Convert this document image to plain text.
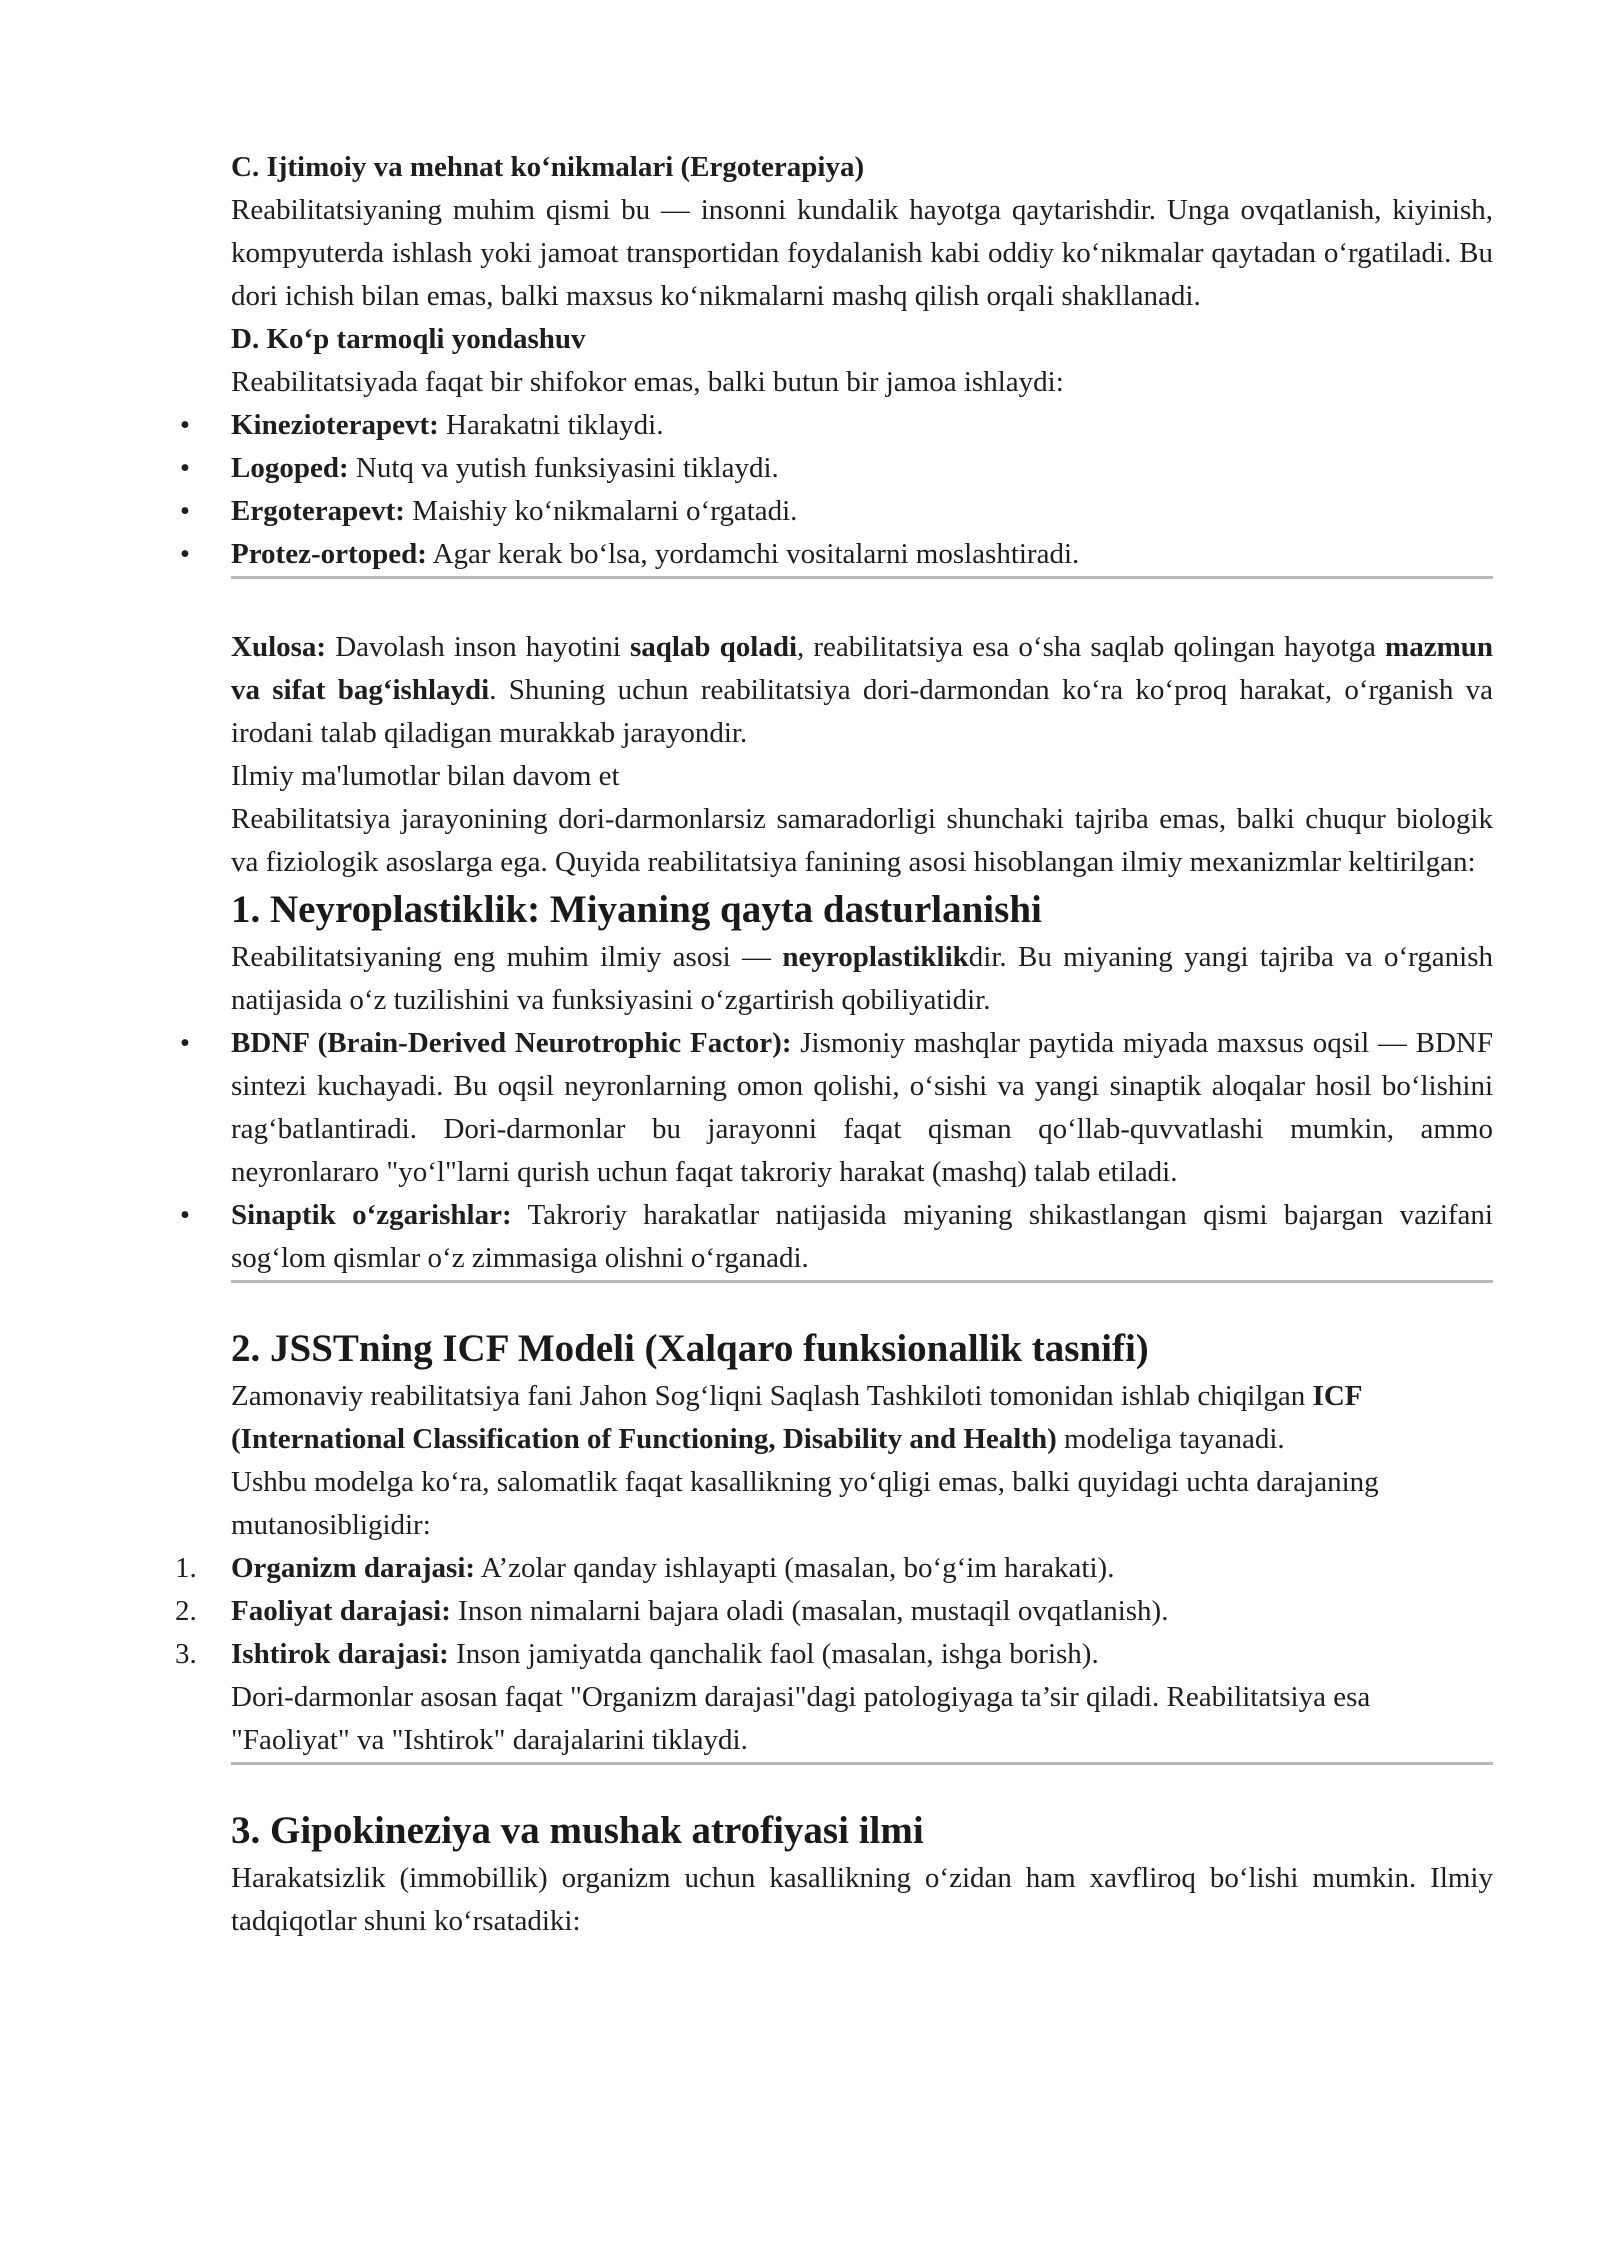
C. Ijtimoiy va mehnat ko‘nikmalari (Ergoterapiya)

Reabilitatsiyaning muhim qismi bu — insonni kundalik hayotga qaytarishdir. Unga ovqatlanish, kiyinish, kompyuterda ishlash yoki jamoat transportidan foydalanish kabi oddiy ko‘nikmalar qaytadan o‘rgatiladi. Bu dori ichish bilan emas, balki maxsus ko‘nikmalarni mashq qilish orqali shakllanadi.

D. Ko‘p tarmoqli yondashuv

Reabilitatsiyada faqat bir shifokor emas, balki butun bir jamoa ishlaydi:

• Kinezioterapevt: Harakatni tiklaydi.
• Logoped: Nutq va yutish funksiyasini tiklaydi.
• Ergoterapevt: Maishiy ko‘nikmalarni o‘rgatadi.
• Protez-ortoped: Agar kerak bo‘lsa, yordamchi vositalarni moslashtiradi.

Xulosa: Davolash inson hayotini saqlab qoladi, reabilitatsiya esa o‘sha saqlab qolingan hayotga mazmun va sifat bag‘ishlaydi. Shuning uchun reabilitatsiya dori-darmondan ko‘ra ko‘proq harakat, o‘rganish va irodani talab qiladigan murakkab jarayondir.

Ilmiy ma'lumotlar bilan davom et

Reabilitatsiya jarayonining dori-darmonlarsiz samaradorligi shunchaki tajriba emas, balki chuqur biologik va fiziologik asoslarga ega. Quyida reabilitatsiya fanining asosi hisoblangan ilmiy mexanizmlar keltirilgan:

1. Neyroplastiklik: Miyaning qayta dasturlanishi

Reabilitatsiyaning eng muhim ilmiy asosi — neyroplastiklikdir. Bu miyaning yangi tajriba va o‘rganish natijasida o‘z tuzilishini va funksiyasini o‘zgartirish qobiliyatidir.

• BDNF (Brain-Derived Neurotrophic Factor): Jismoniy mashqlar paytida miyada maxsus oqsil — BDNF sintezi kuchayadi. Bu oqsil neyronlarning omon qolishi, o‘sishi va yangi sinaptik aloqalar hosil bo‘lishini rag‘batlantiradi. Dori-darmonlar bu jarayonni faqat qisman qo‘llab-quvvatlashi mumkin, ammo neyronlararo "yo‘l"larni qurish uchun faqat takroriy harakat (mashq) talab etiladi.
• Sinaptik o‘zgarishlar: Takroriy harakatlar natijasida miyaning shikastlangan qismi bajargan vazifani sog‘lom qismlar o‘z zimmasiga olishni o‘rganadi.
2. JSSTning ICF Modeli (Xalqaro funksionallik tasnifi)

Zamonaviy reabilitatsiya fani Jahon Sog‘liqni Saqlash Tashkiloti tomonidan ishlab chiqilgan ICF (International Classification of Functioning, Disability and Health) modeliga tayanadi.

Ushbu modelga ko‘ra, salomatlik faqat kasallikning yo‘qligi emas, balki quyidagi uchta darajaning mutanosibligidir:

1. Organizm darajasi: A’zolar qanday ishlayapti (masalan, bo‘g‘im harakati).
2. Faoliyat darajasi: Inson nimalarni bajara oladi (masalan, mustaqil ovqatlanish).
3. Ishtirok darajasi: Inson jamiyatda qanchalik faol (masalan, ishga borish).

Dori-darmonlar asosan faqat "Organizm darajasi"dagi patologiyaga ta’sir qiladi. Reabilitatsiya esa "Faoliyat" va "Ishtirok" darajalarini tiklaydi.

3. Gipokineziya va mushak atrofiyasi ilmi

Harakatsizlik (immobillik) organizm uchun kasallikning o‘zidan ham xavfliroq bo‘lishi mumkin. Ilmiy tadqiqotlar shuni ko‘rsatadiki:
